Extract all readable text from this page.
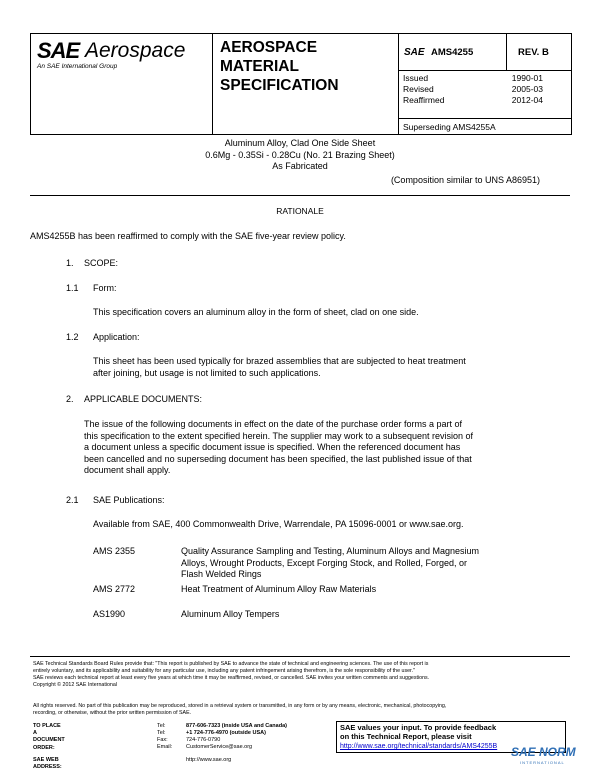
SAE Aerospace
An SAE International Group
AEROSPACE
MATERIAL
SPECIFICATION
SAE AMS4255	REV. B
Issued	1990-01
Revised	2005-03
Reaffirmed	2012-04
Superseding AMS4255A
Aluminum Alloy, Clad One Side Sheet
0.6Mg - 0.35Si - 0.28Cu (No. 21 Brazing Sheet)
As Fabricated
(Composition similar to UNS A86951)
RATIONALE
AMS4255B has been reaffirmed to comply with the SAE five-year review policy.
1. SCOPE:
1.1 Form:
This specification covers an aluminum alloy in the form of sheet, clad on one side.
1.2 Application:
This sheet has been used typically for brazed assemblies that are subjected to heat treatment
after joining, but usage is not limited to such applications.
2. APPLICABLE DOCUMENTS:
The issue of the following documents in effect on the date of the purchase order forms a part of
this specification to the extent specified herein. The supplier may work to a subsequent revision of
a document unless a specific document issue is specified. When the referenced document has
been cancelled and no superseding document has been specified, the last published issue of that
document shall apply.
2.1 SAE Publications:
Available from SAE, 400 Commonwealth Drive, Warrendale, PA 15096-0001 or www.sae.org.
AMS 2355	Quality Assurance Sampling and Testing, Aluminum Alloys and Magnesium
Alloys, Wrought Products, Except Forging Stock, and Rolled, Forged, or
Flash Welded Rings
AMS 2772	Heat Treatment of Aluminum Alloy Raw Materials
AS1990	Aluminum Alloy Tempers
SAE Technical Standards Board Rules provide that: "This report is published by SAE to advance the state of technical and engineering sciences. The use of this report is
entirely voluntary, and its applicability and suitability for any particular use, including any patent infringement arising therefrom, is the sole responsibility of the user."
SAE reviews each technical report at least every five years at which time it may be reaffirmed, revised, or cancelled. SAE invites your written comments and suggestions.
Copyright © 2012 SAE International
All rights reserved. No part of this publication may be reproduced, stored in a retrieval system or transmitted, in any form or by any means, electronic, mechanical, photocopying,
recording, or otherwise, without the prior written permission of SAE.
TO PLACE A DOCUMENT ORDER:
Tel:	877-606-7323 (inside USA and Canada)
Tel:	+1 724-776-4970 (outside USA)
Fax:	724-776-0790
Email: CustomerService@sae.org
SAE WEB ADDRESS:
http://www.sae.org
SAE values your input. To provide feedback
on this Technical Report, please visit
http://www.sae.org/technical/standards/AMS4255B	SAE NORM
INTERNATIONAL
